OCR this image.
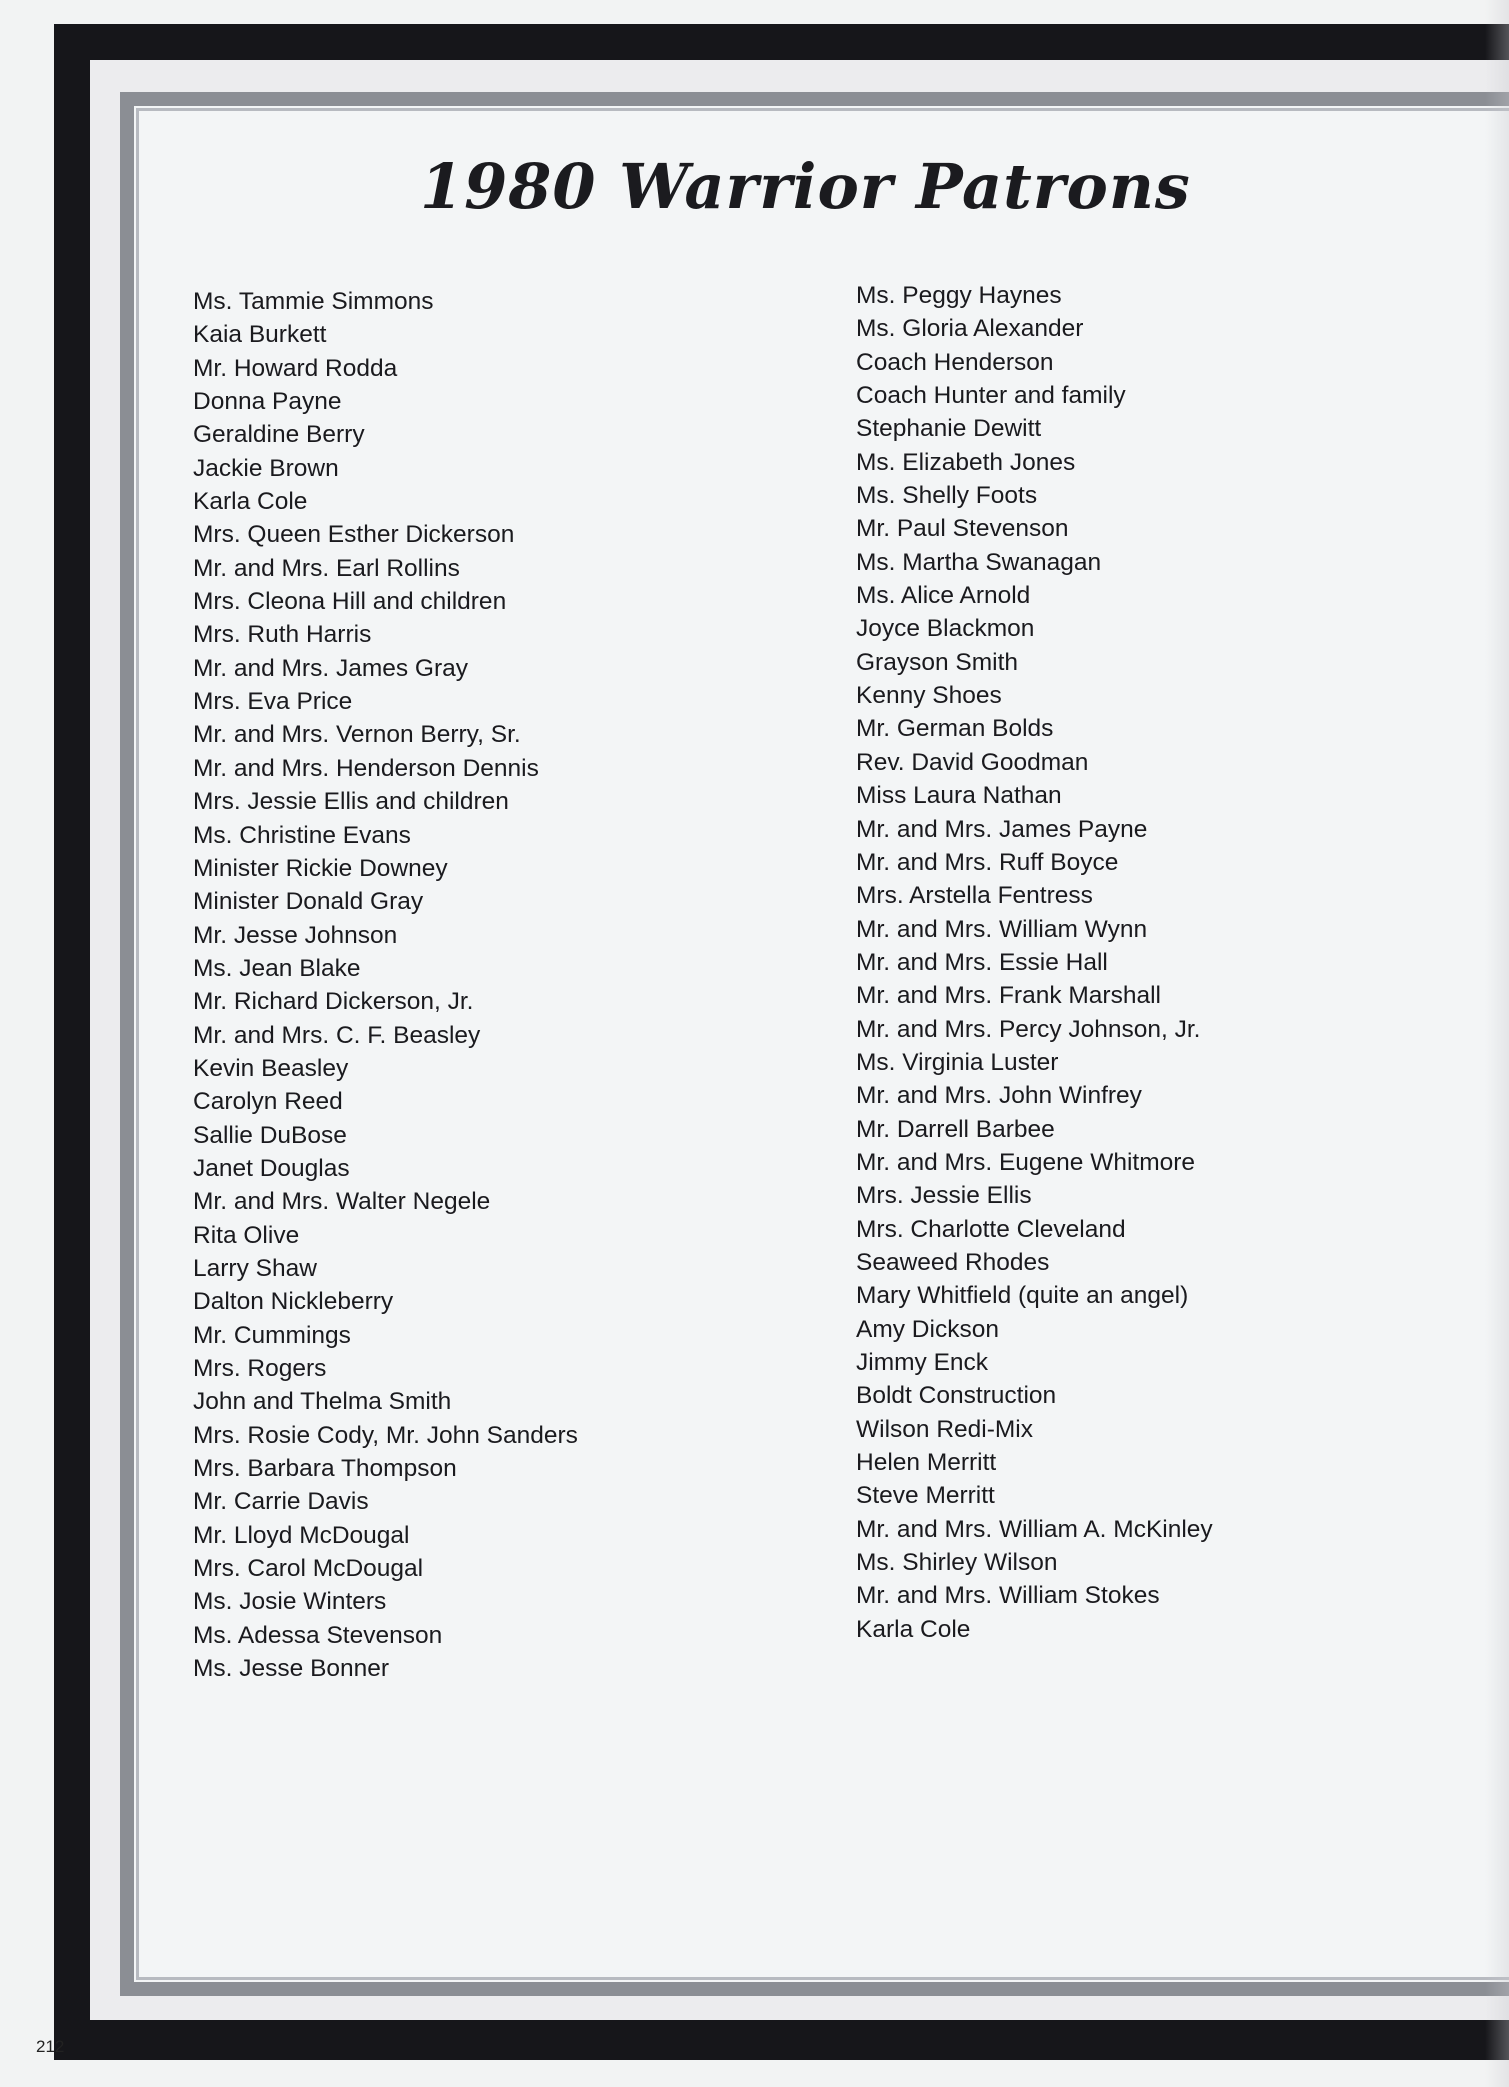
1980 Warrior Patrons
Ms. Tammie Simmons
Kaia Burkett
Mr. Howard Rodda
Donna Payne
Geraldine Berry
Jackie Brown
Karla Cole
Mrs. Queen Esther Dickerson
Mr. and Mrs. Earl Rollins
Mrs. Cleona Hill and children
Mrs. Ruth Harris
Mr. and Mrs. James Gray
Mrs. Eva Price
Mr. and Mrs. Vernon Berry, Sr.
Mr. and Mrs. Henderson Dennis
Mrs. Jessie Ellis and children
Ms. Christine Evans
Minister Rickie Downey
Minister Donald Gray
Mr. Jesse Johnson
Ms. Jean Blake
Mr. Richard Dickerson, Jr.
Mr. and Mrs. C. F. Beasley
Kevin Beasley
Carolyn Reed
Sallie DuBose
Janet Douglas
Mr. and Mrs. Walter Negele
Rita Olive
Larry Shaw
Dalton Nickleberry
Mr. Cummings
Mrs. Rogers
John and Thelma Smith
Mrs. Rosie Cody, Mr. John Sanders
Mrs. Barbara Thompson
Mr. Carrie Davis
Mr. Lloyd McDougal
Mrs. Carol McDougal
Ms. Josie Winters
Ms. Adessa Stevenson
Ms. Jesse Bonner
Ms. Peggy Haynes
Ms. Gloria Alexander
Coach Henderson
Coach Hunter and family
Stephanie Dewitt
Ms. Elizabeth Jones
Ms. Shelly Foots
Mr. Paul Stevenson
Ms. Martha Swanagan
Ms. Alice Arnold
Joyce Blackmon
Grayson Smith
Kenny Shoes
Mr. German Bolds
Rev. David Goodman
Miss Laura Nathan
Mr. and Mrs. James Payne
Mr. and Mrs. Ruff Boyce
Mrs. Arstella Fentress
Mr. and Mrs. William Wynn
Mr. and Mrs. Essie Hall
Mr. and Mrs. Frank Marshall
Mr. and Mrs. Percy Johnson, Jr.
Ms. Virginia Luster
Mr. and Mrs. John Winfrey
Mr. Darrell Barbee
Mr. and Mrs. Eugene Whitmore
Mrs. Jessie Ellis
Mrs. Charlotte Cleveland
Seaweed Rhodes
Mary Whitfield (quite an angel)
Amy Dickson
Jimmy Enck
Boldt Construction
Wilson Redi-Mix
Helen Merritt
Steve Merritt
Mr. and Mrs. William A. McKinley
Ms. Shirley Wilson
Mr. and Mrs. William Stokes
Karla Cole
212
